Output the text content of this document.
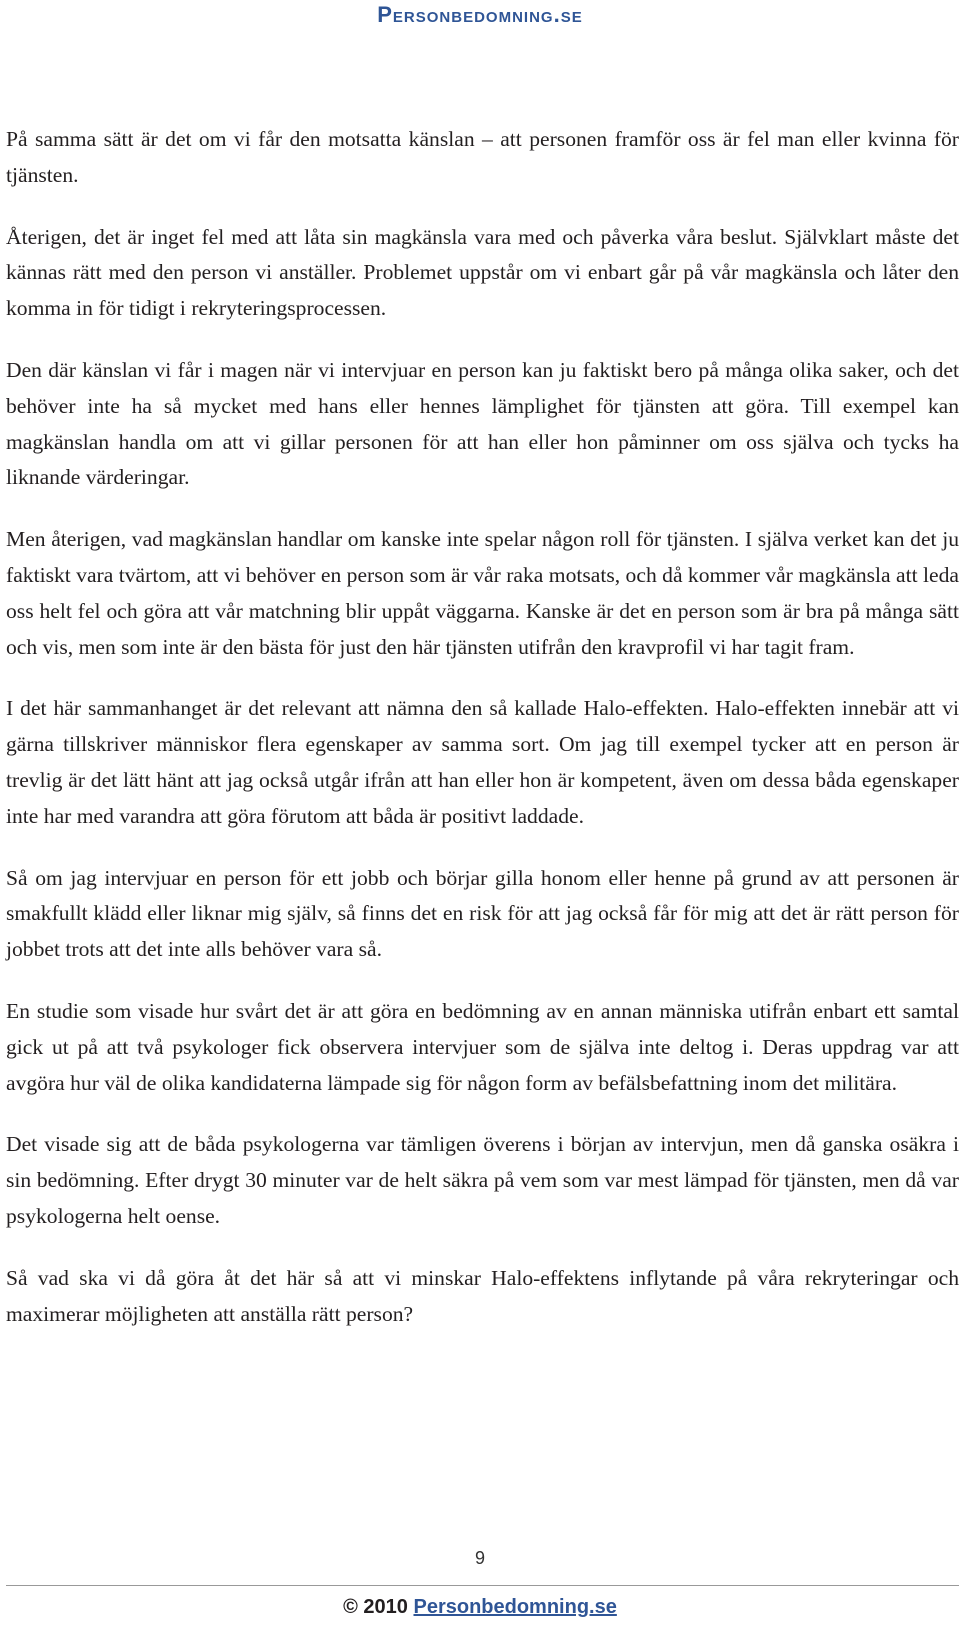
Personbedomning.se

På samma sätt är det om vi får den motsatta känslan – att personen framför oss är fel man eller kvinna för tjänsten.

Återigen, det är inget fel med att låta sin magkänsla vara med och påverka våra beslut. Självklart måste det kännas rätt med den person vi anställer. Problemet uppstår om vi enbart går på vår magkänsla och låter den komma in för tidigt i rekryteringsprocessen.

Den där känslan vi får i magen när vi intervjuar en person kan ju faktiskt bero på många olika saker, och det behöver inte ha så mycket med hans eller hennes lämplighet för tjänsten att göra. Till exempel kan magkänslan handla om att vi gillar personen för att han eller hon påminner om oss själva och tycks ha liknande värderingar.

Men återigen, vad magkänslan handlar om kanske inte spelar någon roll för tjänsten. I själva verket kan det ju faktiskt vara tvärtom, att vi behöver en person som är vår raka motsats, och då kommer vår magkänsla att leda oss helt fel och göra att vår matchning blir uppåt väggarna. Kanske är det en person som är bra på många sätt och vis, men som inte är den bästa för just den här tjänsten utifrån den kravprofil vi har tagit fram.

I det här sammanhanget är det relevant att nämna den så kallade Halo-effekten. Halo-effekten innebär att vi gärna tillskriver människor flera egenskaper av samma sort. Om jag till exempel tycker att en person är trevlig är det lätt hänt att jag också utgår ifrån att han eller hon är kompetent, även om dessa båda egenskaper inte har med varandra att göra förutom att båda är positivt laddade.

Så om jag intervjuar en person för ett jobb och börjar gilla honom eller henne på grund av att personen är smakfullt klädd eller liknar mig själv, så finns det en risk för att jag också får för mig att det är rätt person för jobbet trots att det inte alls behöver vara så.

En studie som visade hur svårt det är att göra en bedömning av en annan människa utifrån enbart ett samtal gick ut på att två psykologer fick observera intervjuer som de själva inte deltog i. Deras uppdrag var att avgöra hur väl de olika kandidaterna lämpade sig för någon form av befälsbefattning inom det militära.

Det visade sig att de båda psykologerna var tämligen överens i början av intervjun, men då ganska osäkra i sin bedömning. Efter drygt 30 minuter var de helt säkra på vem som var mest lämpad för tjänsten, men då var psykologerna helt oense.

Så vad ska vi då göra åt det här så att vi minskar Halo-effektens inflytande på våra rekryteringar och maximerar möjligheten att anställa rätt person?

9
© 2010 Personbedomning.se
